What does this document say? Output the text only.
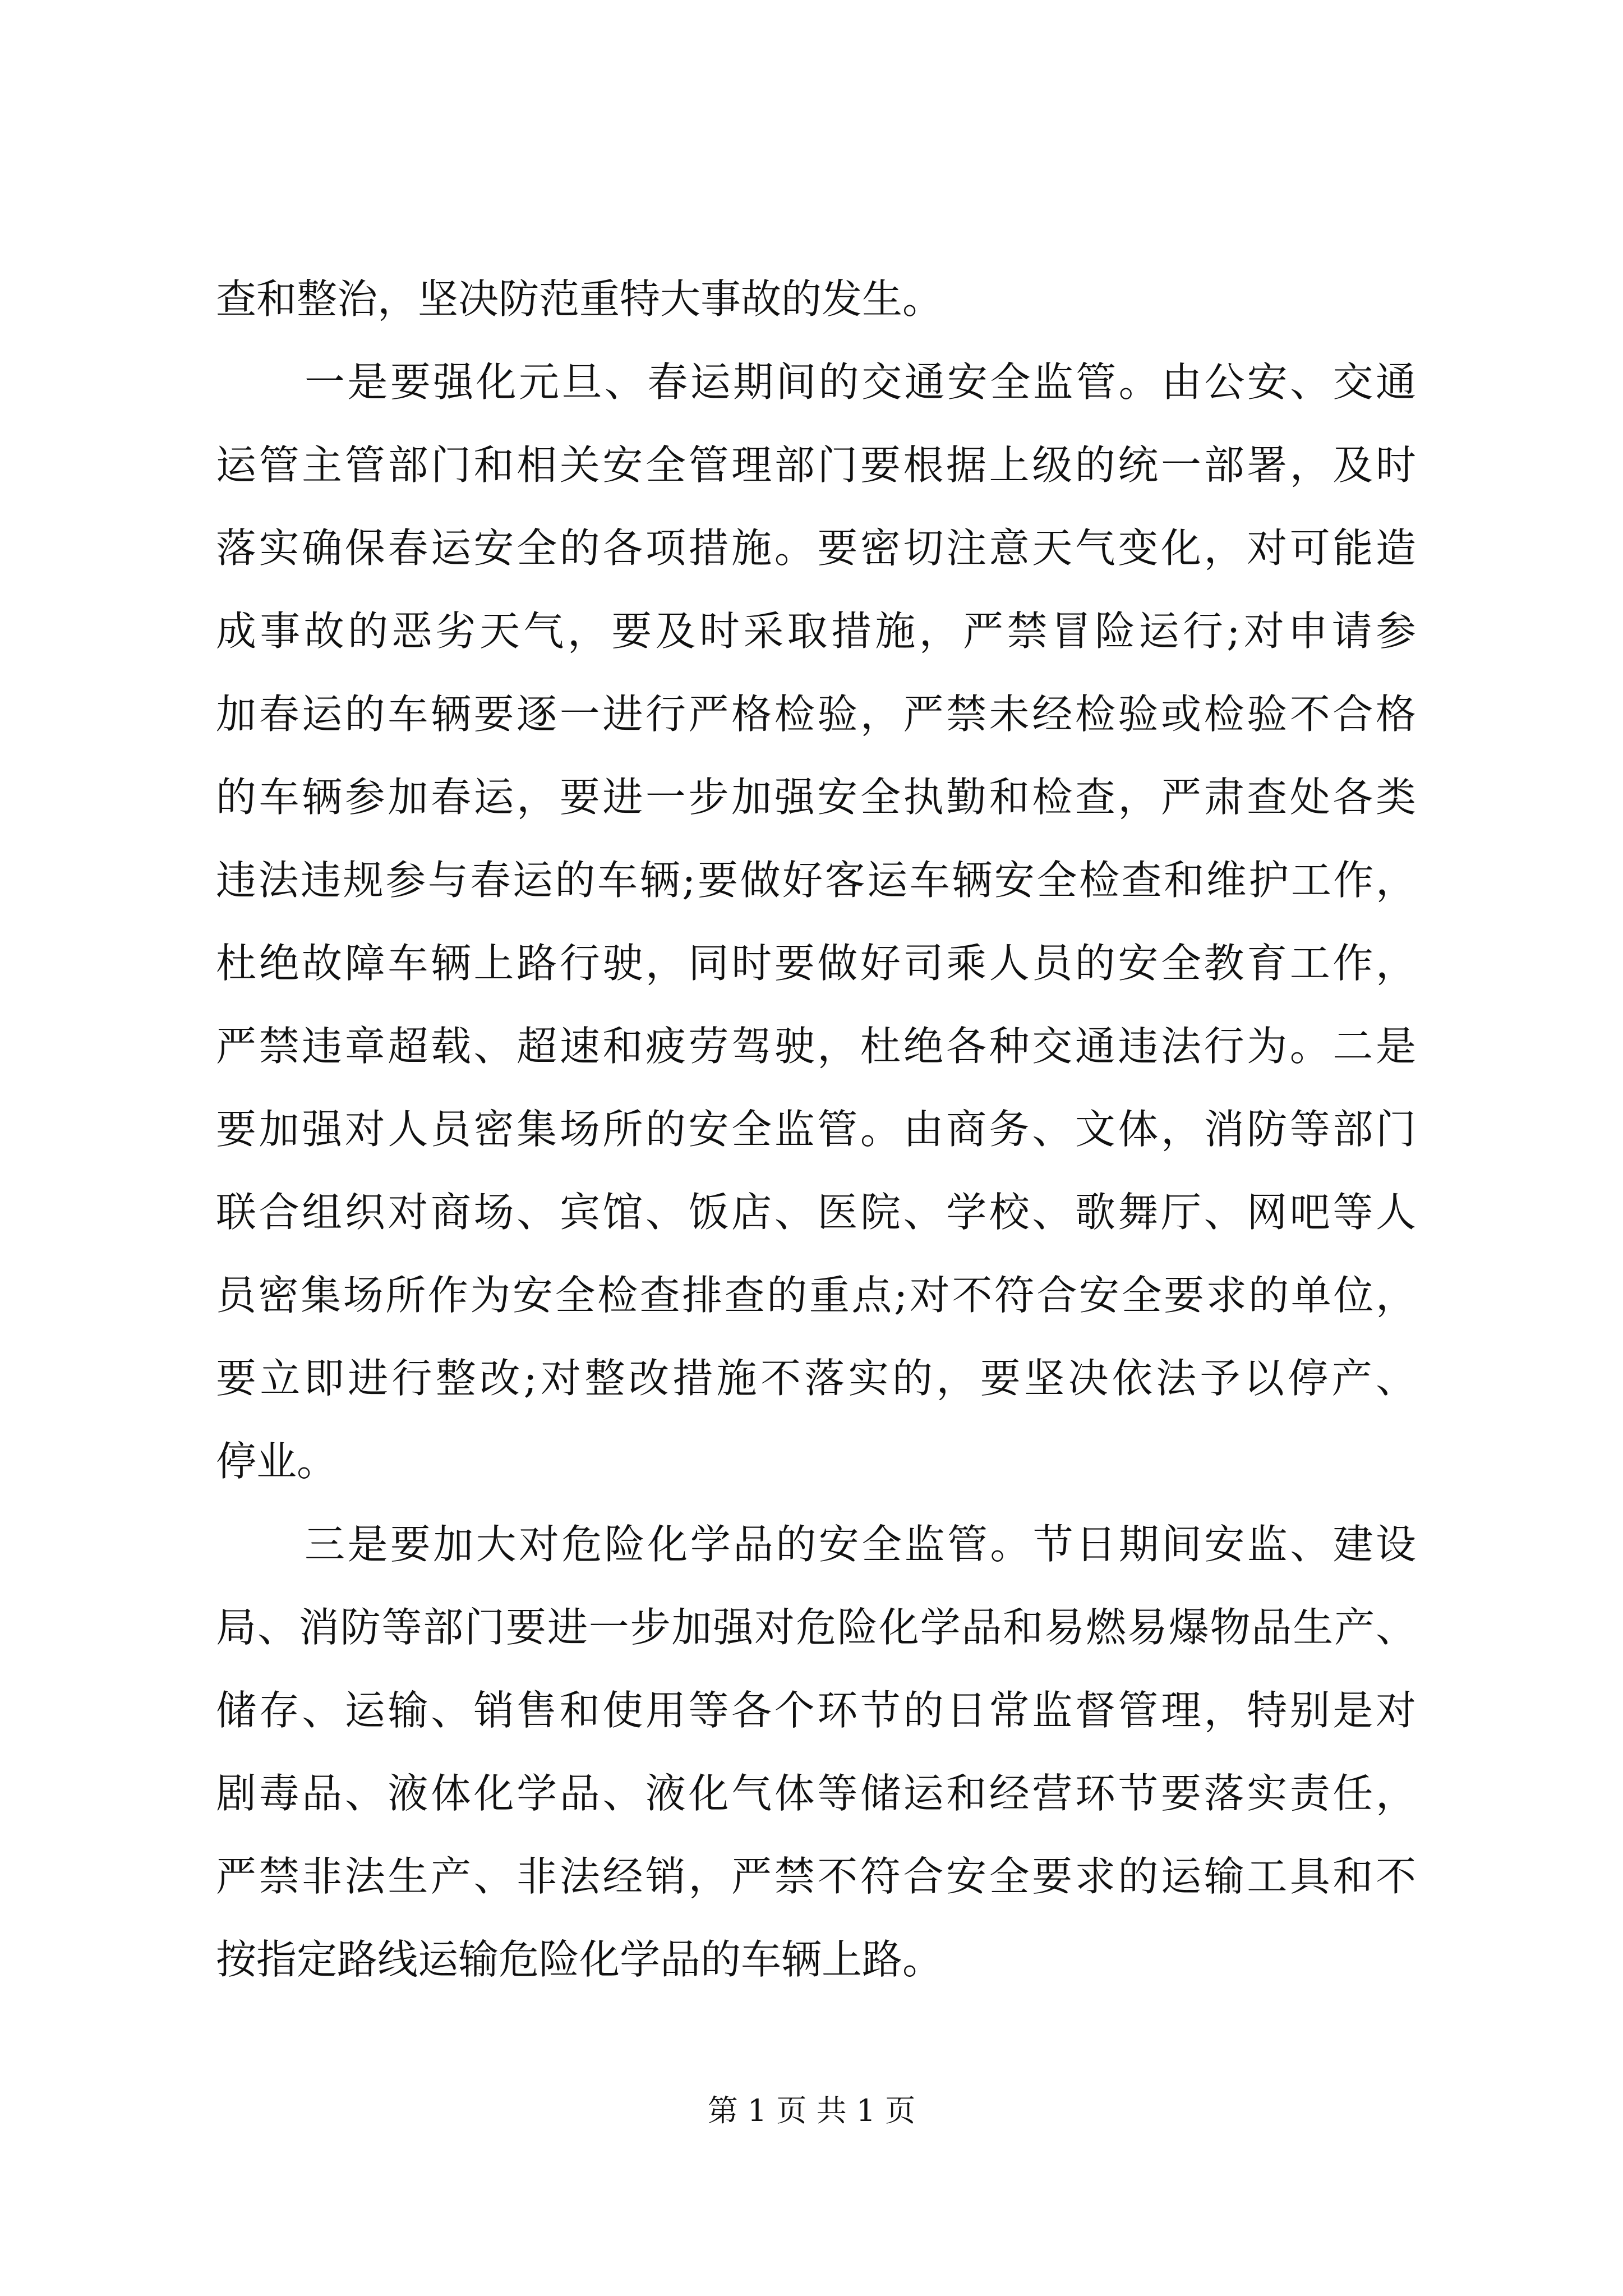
查和整治，坚决防范重特大事故的发生。
一是要强化元旦、春运期间的交通安全监管。由公安、交通
运管主管部门和相关安全管理部门要根据上级的统一部署，及时
落实确保春运安全的各项措施。要密切注意天气变化，对可能造
成事故的恶劣天气，要及时采取措施，严禁冒险运行;对申请参
加春运的车辆要逐一进行严格检验，严禁未经检验或检验不合格
的车辆参加春运，要进一步加强安全执勤和检查，严肃查处各类
违法违规参与春运的车辆;要做好客运车辆安全检查和维护工作，
杜绝故障车辆上路行驶，同时要做好司乘人员的安全教育工作，
严禁违章超载、超速和疲劳驾驶，杜绝各种交通违法行为。二是
要加强对人员密集场所的安全监管。由商务、文体，消防等部门
联合组织对商场、宾馆、饭店、医院、学校、歌舞厅、网吧等人
员密集场所作为安全检查排查的重点;对不符合安全要求的单位，
要立即进行整改;对整改措施不落实的，要坚决依法予以停产、
停业。
三是要加大对危险化学品的安全监管。节日期间安监、建设
局、消防等部门要进一步加强对危险化学品和易燃易爆物品生产、
储存、运输、销售和使用等各个环节的日常监督管理，特别是对
剧毒品、液体化学品、液化气体等储运和经营环节要落实责任，
严禁非法生产、非法经销，严禁不符合安全要求的运输工具和不
按指定路线运输危险化学品的车辆上路。
第 1 页 共 1 页
